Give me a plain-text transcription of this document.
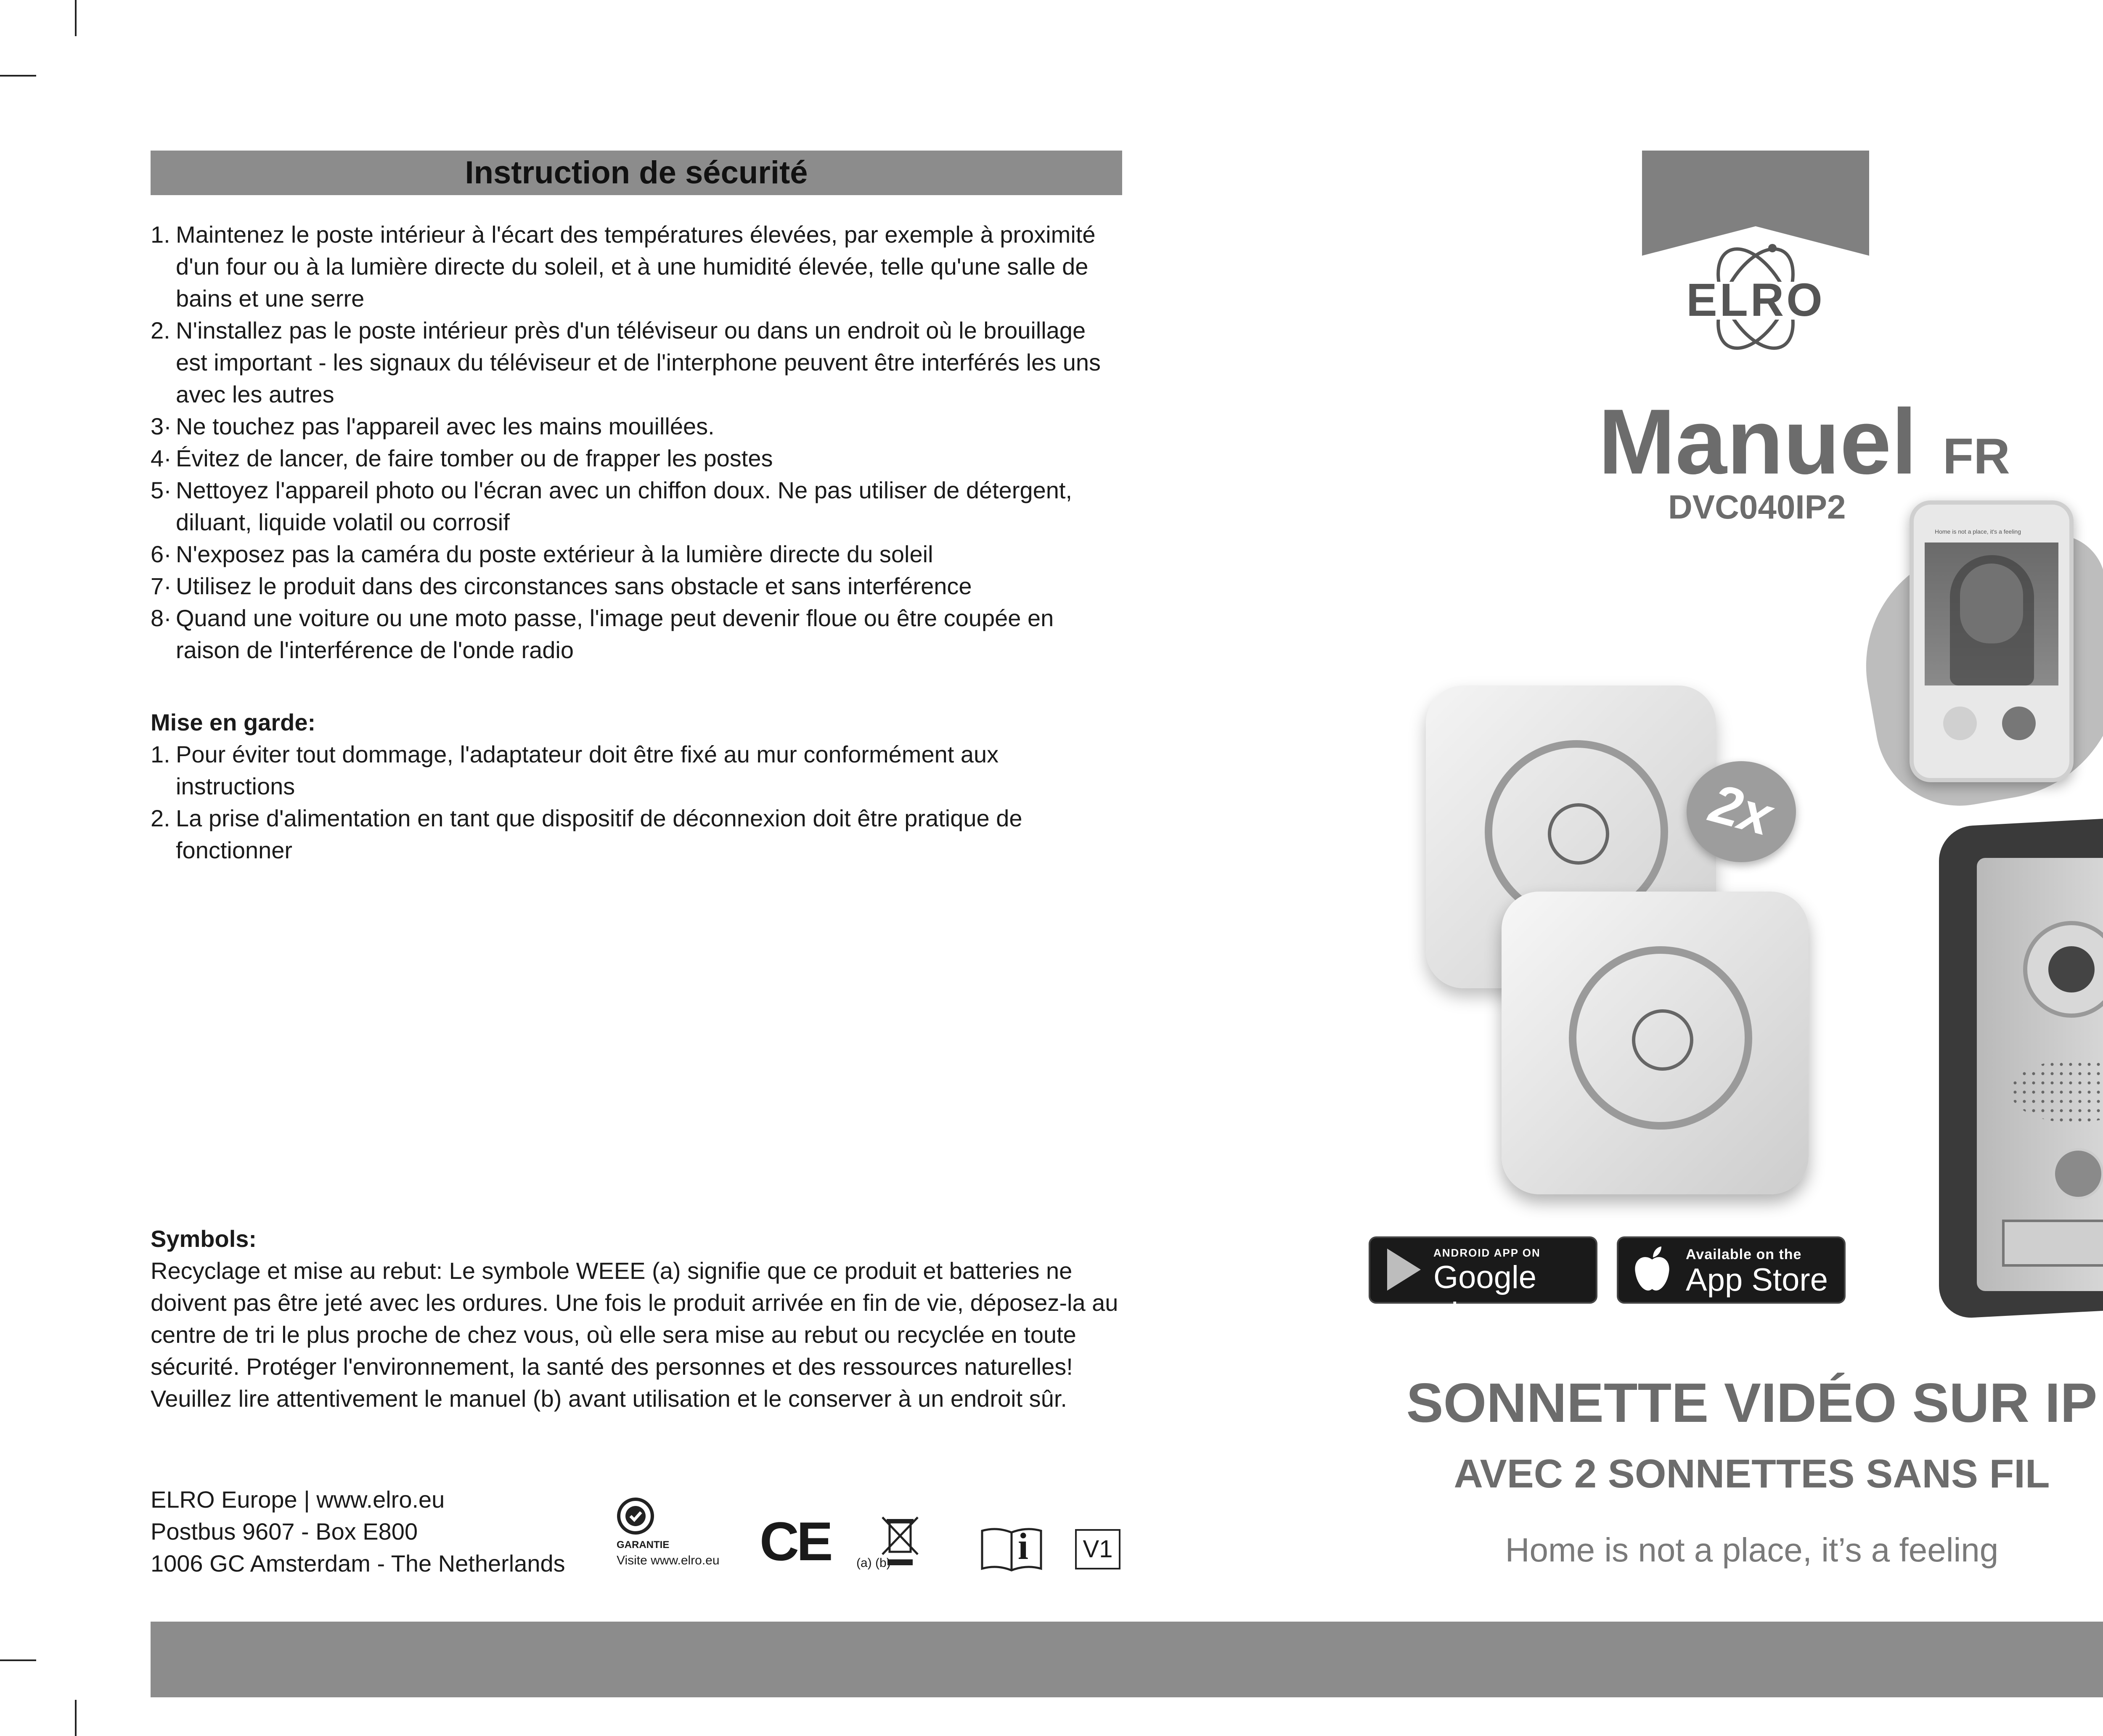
Instruction de sécurité
1. Maintenez le poste intérieur à l'écart des températures élevées, par exemple à proximité d'un four ou à la lumière directe du soleil, et à une humidité élevée, telle qu'une salle de bains et une serre
2. N'installez pas le poste intérieur près d'un téléviseur ou dans un endroit où le brouillage est important - les signaux du téléviseur et de l'interphone peuvent être interférés les uns avec les autres
3· Ne touchez pas l'appareil avec les mains mouillées.
4· Évitez de lancer, de faire tomber ou de frapper les postes
5· Nettoyez l'appareil photo ou l'écran avec un chiffon doux. Ne pas utiliser de détergent, diluant, liquide volatil ou corrosif
6· N'exposez pas la caméra du poste extérieur à la lumière directe du soleil
7· Utilisez le produit dans des circonstances sans obstacle et sans interférence
8· Quand une voiture ou une moto passe, l'image peut devenir floue ou être coupée en raison de l'interférence de l'onde radio
Mise en garde:
1. Pour éviter tout dommage, l'adaptateur doit être fixé au mur conformément aux instructions
2. La prise d'alimentation en tant que dispositif de déconnexion doit être pratique de fonctionner
Symbols:
Recyclage et mise au rebut: Le symbole WEEE (a) signifie que ce produit et batteries ne doivent pas être jeté avec les ordures. Une fois le produit arrivée en fin de vie, déposez-la au centre de tri le plus proche de chez vous, où elle sera mise au rebut ou recyclée en toute sécurité. Protéger l'environnement, la santé des personnes et des ressources naturelles! Veuillez lire attentivement le manuel (b) avant utilisation et le conserver à un endroit sûr.
ELRO Europe | www.elro.eu
Postbus 9607 - Box E800
1006 GC Amsterdam - The Netherlands
GARANTIE
Visite www.elro.eu CE (a) (b)	i	V1
ELRO
Manuel FR
DVC040IP2
Home is not a place, it's a feeling
2x
ANDROID APP ON
Google play
Available on the
App Store
SONNETTE VIDÉO SUR IP
AVEC 2 SONNETTES SANS FIL
Home is not a place, it’s a feeling
